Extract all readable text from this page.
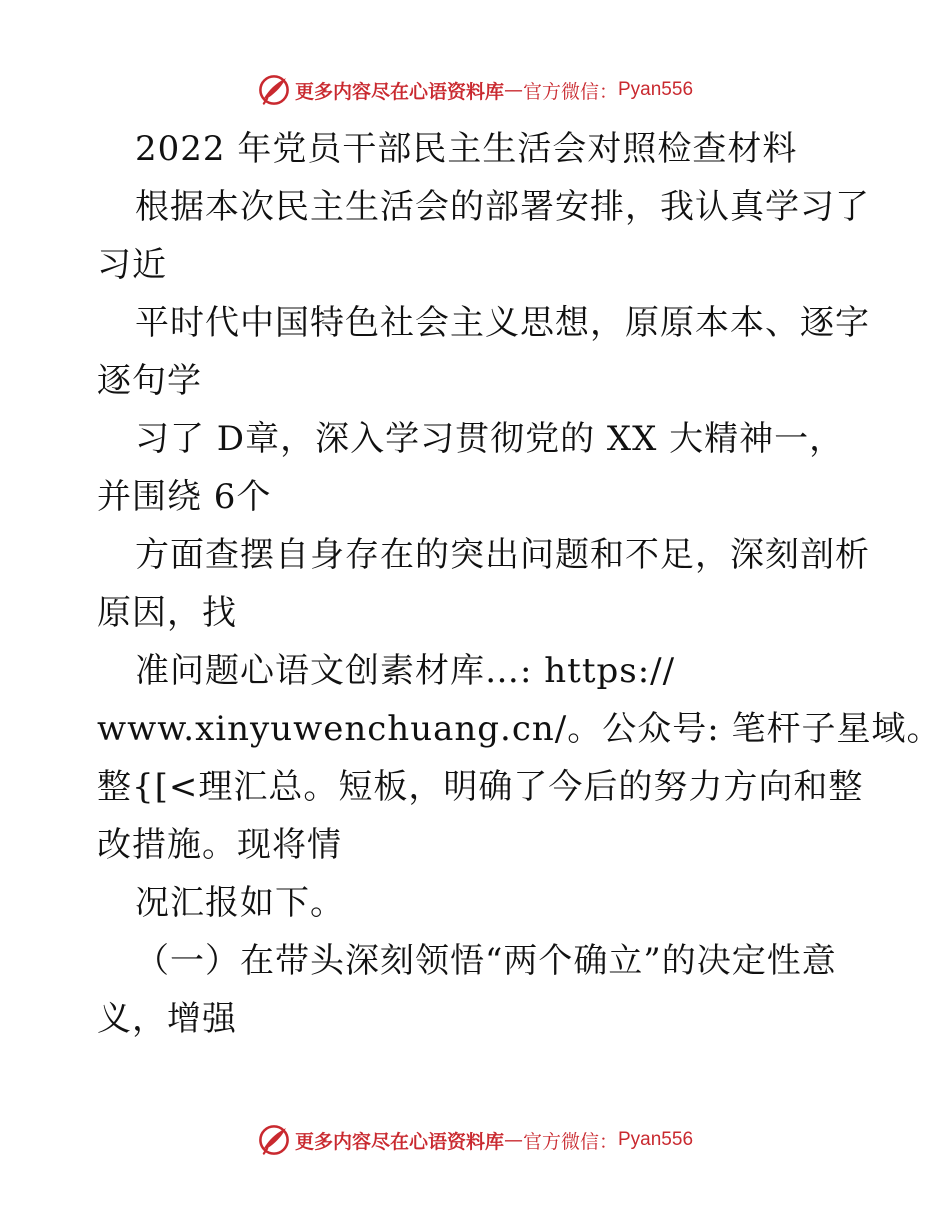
更多内容尽在心语资料库 — 官方微信： Pyan556
2022 年党员干部民主生活会对照检查材料
根据本次民主生活会的部署安排，我认真学习了
习近
平时代中国特色社会主义思想，原原本本、逐字
逐句学
习了 D章，深入学习贯彻党的 XX 大精神一，
并围绕 6个
方面查摆自身存在的突出问题和不足，深刻剖析
原因，找
准问题心语文创素材库…: https://
www.xinyuwenchuang.cn/。公众号: 笔杆子星域。
整{[<理汇总。短板，明确了今后的努力方向和整
改措施。现将情
况汇报如下。
（一）在带头深刻领悟“两个确立”的决定性意
义，增强
更多内容尽在心语资料库 — 官方微信： Pyan556
